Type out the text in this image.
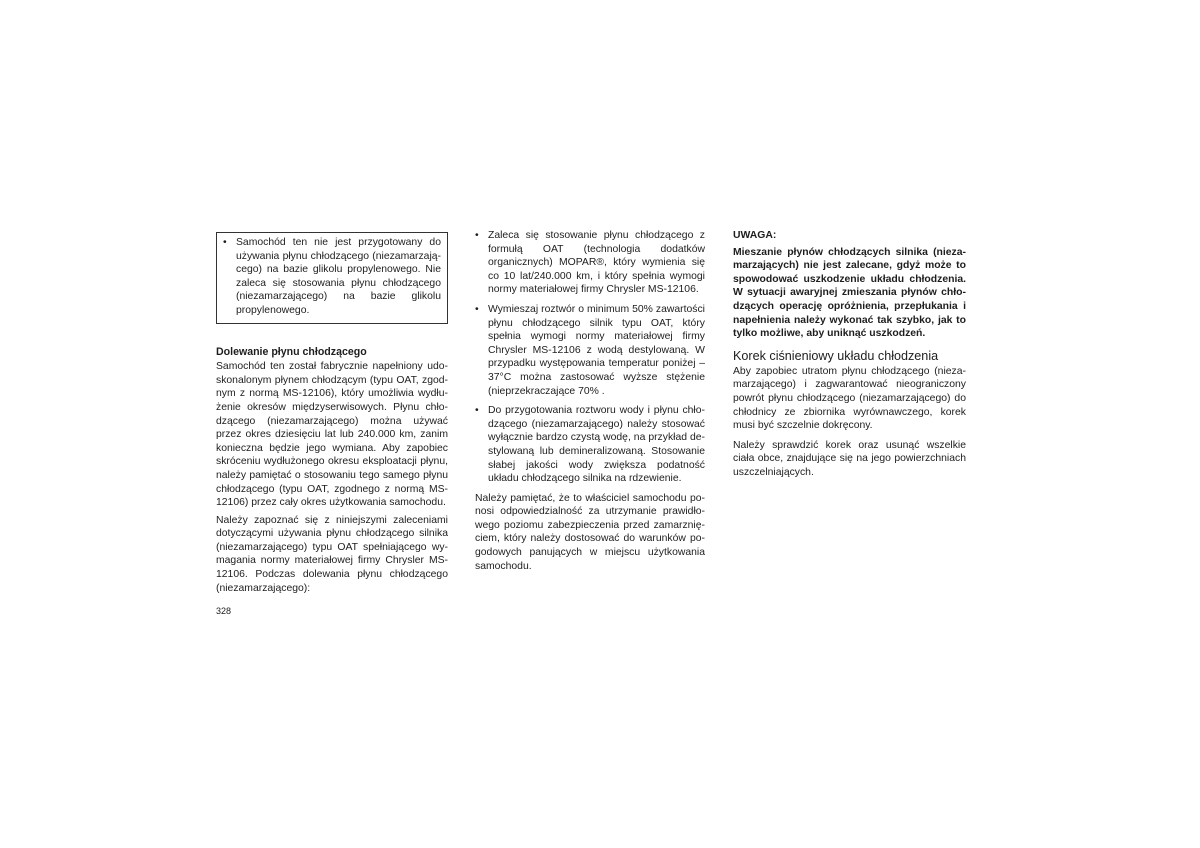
• Samochód ten nie jest przygotowany do używania płynu chłodzącego (niezamarzającego) na bazie glikolu propylenowego. Nie zaleca się stosowania płynu chłodzącego (niezamarzającego) na bazie glikolu propylenowego.

Dolewanie płynu chłodzącego

Samochód ten został fabrycznie napełniony udoskonalonym płynem chłodzącym (typu OAT, zgodnym z normą MS-12106), który umożliwia wydłużenie okresów międzyserwisowych. Płynu chłodzącego (niezamarzającego) można używać przez okres dziesięciu lat lub 240.000 km, zanim konieczna będzie jego wymiana. Aby zapobiec skróceniu wydłużonego okresu eksploatacji płynu, należy pamiętać o stosowaniu tego samego płynu chłodzącego (typu OAT, zgodnego z normą MS-12106) przez cały okres użytkowania samochodu.

Należy zapoznać się z niniejszymi zaleceniami dotyczącymi używania płynu chłodzącego silnika (niezamarzającego) typu OAT spełniającego wymagania normy materiałowej firmy Chrysler MS-12106. Podczas dolewania płynu chłodzącego (niezamarzającego):

• Zaleca się stosowanie płynu chłodzącego z formułą OAT (technologia dodatków organicznych) MOPAR®, który wymienia się co 10 lat/240.000 km, i który spełnia wymogi normy materiałowej firmy Chrysler MS-12106.

• Wymieszaj roztwór o minimum 50% zawartości płynu chłodzącego silnik typu OAT, który spełnia wymogi normy materiałowej firmy Chrysler MS-12106 z wodą destylowaną. W przypadku występowania temperatur poniżej –37°C można zastosować wyższe stężenie (nieprzekraczające 70% .

• Do przygotowania roztworu wody i płynu chłodzącego (niezamarzającego) należy stosować wyłącznie bardzo czystą wodę, na przykład destylowaną lub demineralizowaną. Stosowanie słabej jakości wody zwiększa podatność układu chłodzącego silnika na rdzewienie.

Należy pamiętać, że to właściciel samochodu ponosi odpowiedzialność za utrzymanie prawidłowego poziomu zabezpieczenia przed zamarznięciem, który należy dostosować do warunków pogodowych panujących w miejscu użytkowania samochodu.

UWAGA:

Mieszanie płynów chłodzących silnika (niezamarzających) nie jest zalecane, gdyż może to spowodować uszkodzenie układu chłodzenia. W sytuacji awaryjnej zmieszania płynów chłodzących operację opróżnienia, przepłukania i napełnienia należy wykonać tak szybko, jak to tylko możliwe, aby uniknąć uszkodzeń.

Korek ciśnieniowy układu chłodzenia

Aby zapobiec utratom płynu chłodzącego (niezamarzającego) i zagwarantować nieograniczony powrót płynu chłodzącego (niezamarzającego) do chłodnicy ze zbiornika wyrównawczego, korek musi być szczelnie dokręcony.

Należy sprawdzić korek oraz usunąć wszelkie ciała obce, znajdujące się na jego powierzchniach uszczelniających.

328
